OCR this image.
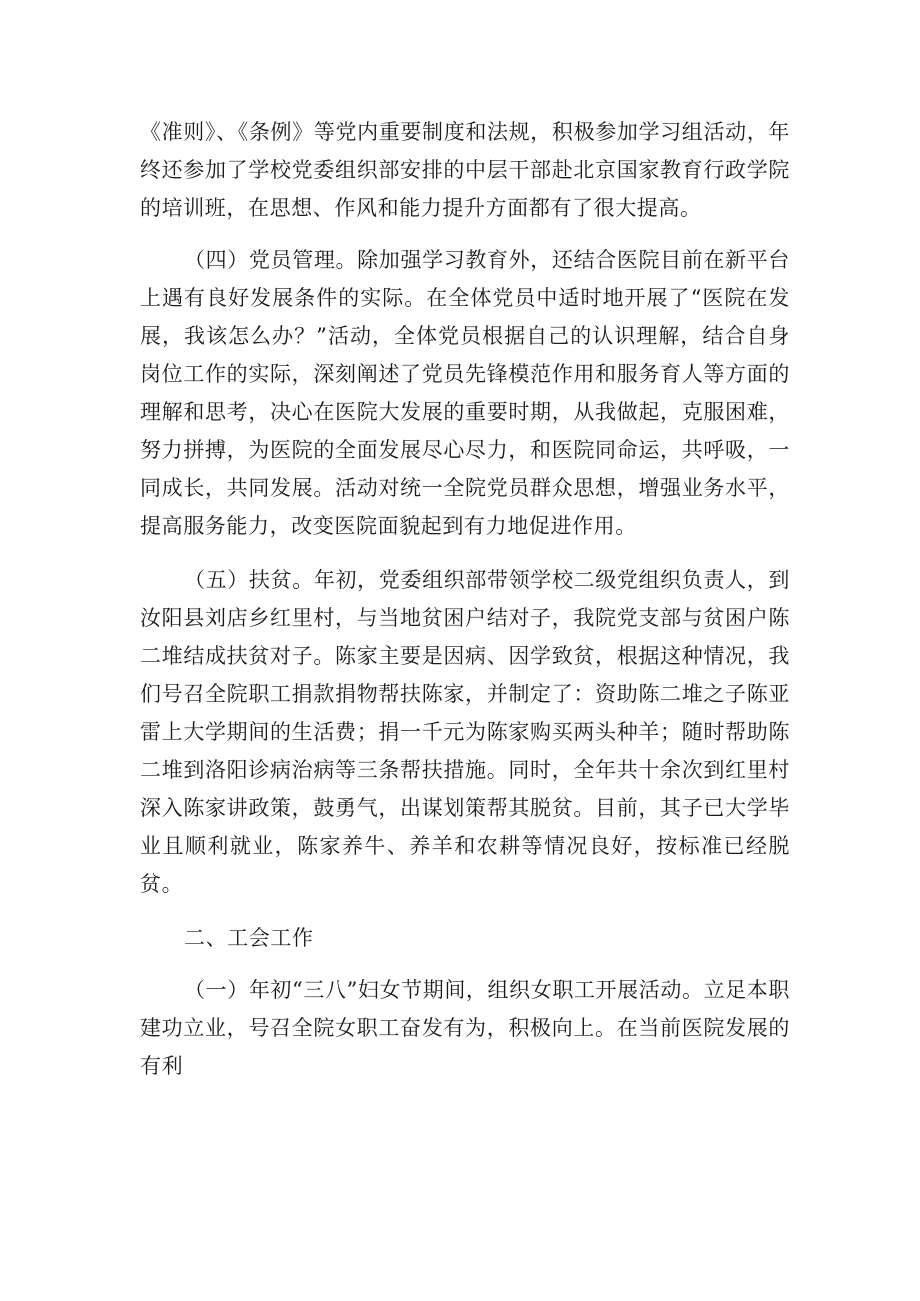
《准则》、《条例》等党内重要制度和法规，积极参加学习组活动，年终还参加了学校党委组织部安排的中层干部赴北京国家教育行政学院的培训班，在思想、作风和能力提升方面都有了很大提高。

（四）党员管理。除加强学习教育外，还结合医院目前在新平台上遇有良好发展条件的实际。在全体党员中适时地开展了“医院在发展，我该怎么办？”活动，全体党员根据自己的认识理解，结合自身岗位工作的实际，深刻阐述了党员先锋模范作用和服务育人等方面的理解和思考，决心在医院大发展的重要时期，从我做起，克服困难，努力拼搏，为医院的全面发展尽心尽力，和医院同命运，共呼吸，一同成长，共同发展。活动对统一全院党员群众思想，增强业务水平，提高服务能力，改变医院面貌起到有力地促进作用。

（五）扶贫。年初，党委组织部带领学校二级党组织负责人，到汝阳县刘店乡红里村，与当地贫困户结对子，我院党支部与贫困户陈二堆结成扶贫对子。陈家主要是因病、因学致贫，根据这种情况，我们号召全院职工捐款捐物帮扶陈家，并制定了：资助陈二堆之子陈亚雷上大学期间的生活费；捐一千元为陈家购买两头种羊；随时帮助陈二堆到洛阳诊病治病等三条帮扶措施。同时，全年共十余次到红里村深入陈家讲政策，鼓勇气，出谋划策帮其脱贫。目前，其子已大学毕业且顺利就业，陈家养牛、养羊和农耕等情况良好，按标准已经脱贫。

二、工会工作

（一）年初“三八”妇女节期间，组织女职工开展活动。立足本职建功立业，号召全院女职工奋发有为，积极向上。在当前医院发展的有利
